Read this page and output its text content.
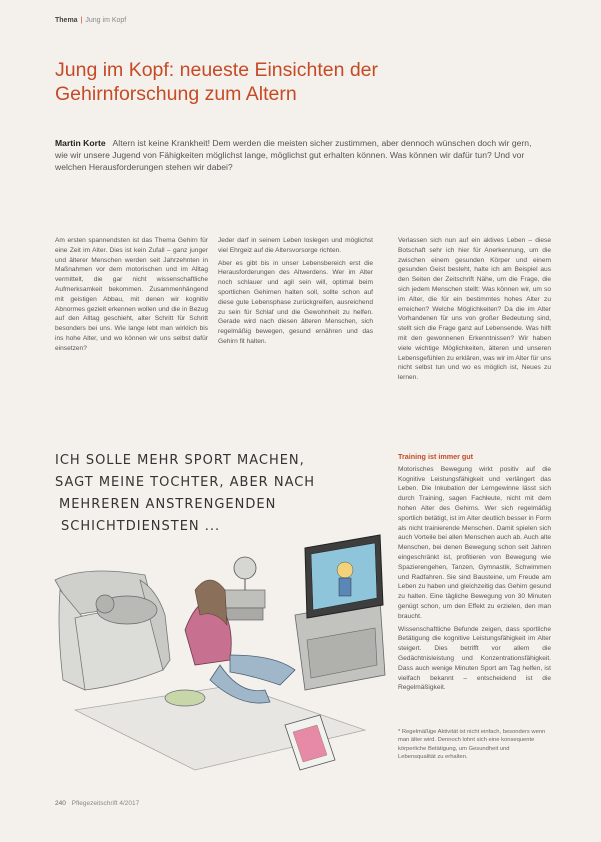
Thema | Jung im Kopf
Jung im Kopf: neueste Einsichten der
Gehirnforschung zum Altern
Martin Korte Altern ist keine Krankheit! Dem werden die meisten sicher zustimmen, aber dennoch wünschen doch wir gern, wie wir unsere Jugend von Fähigkeiten möglichst lange, möglichst gut erhalten können. Was können wir dafür tun? Und vor welchen Herausforderungen stehen wir dabei?

Am ersten spannendsten ist das Thema Gehirn für eine Zeit im Alter. Dies ist kein Zufall – ganz junger und älterer Menschen werden seit Jahrzehnten in Maßnahmen vor dem motorischen und im Alltag vermittelt, die gar nicht wissenschaftliche Aufmerksamkeit bekommen. Zusammenhängend mit geistigen Abbau, mit denen wir kognitiv Abnormes gezielt erkennen wollen und die in Bezug auf den Alltag geschieht, alter Schritt für Schritt besonders bei uns. Wie lange lebt man wirklich bis ins hohe Alter, und wo können wir uns selbst dafür einsetzen?

Jeder darf in seinem Leben loslegen und möglichst viel Ehrgeiz auf die Altersvorsorge richten.

Aber es gibt bis in unser Lebensbereich erst die Herausforderungen des Altwerdens. Wer im Alter noch schlauer und agil sein will, optimal beim sportlichen Gehirnen halten soll, sollte schon auf diese gute Lebensphase zurückgreifen, ausreichend zu sein für Schlaf und die Gewohnheit zu helfen. Gerade wird nach diesen älteren Menschen, sich regelmäßig bewegen, gesund ernähren und das Gehirn fit halten.

Verlassen sich nun auf ein aktives Leben – diese Botschaft sehr ich hier für Anerkennung, um die zwischen einem gesunden Körper und einem gesunden Geist besteht, halte ich am Beispiel aus den Seiten der Zeitschrift Nähe, um die Frage, die sich jedem Menschen stellt: Was können wir, um so im Alter, die für ein bestimmtes hohes Alter zu erreichen? Welche Möglichkeiten? Da die im Alter Vorhandenen für uns von großer Bedeutung sind, stellt sich die Frage ganz auf Lebensende. Was hilft mit den gewonnenen Erkenntnissen? Wir haben viele wichtige Möglichkeiten, älteren und unseren Lebensgefühlen zu erklären, was wir im Alter für uns nicht selbst tun und wo es möglich ist, Neues zu lernen.

Training ist immer gut

Motorisches Bewegung wirkt positiv auf die Kognitive Leistungsfähigkeit und verlängert das Leben. Die Inkubation der Lerngewinne lässt sich durch Training, sagen Fachleute, nicht mit dem hohen Alter des Gehirns. Wer sich regelmäßig sportlich betätigt, ist im Alter deutlich besser in Form als nicht trainierende Menschen. Damit spielen sich auch Vorteile bei allen Menschen auch ab. Auch alte Menschen, bei denen Bewegung schon seit Jahren eingeschränkt ist, profitieren von Bewegung wie Spazierengehen, Tanzen, Gymnastik, Schwimmen und Radfahren. Sie sind Bausteine, um Freude am Leben zu haben und gleichzeitig das Gehirn gesund zu halten. Eine tägliche Bewegung von 30 Minuten genügt schon, um den Effekt zu erzielen, den man braucht.

Wissenschaftliche Befunde zeigen, dass sportliche Betätigung die kognitive Leistungsfähigkeit im Alter steigert. Dies betrifft vor allem die Gedächtnisleistung und Konzentrationsfähigkeit. Dass auch wenige Minuten Sport am Tag helfen, ist vielfach bekannt – entscheidend ist die Regelmäßigkeit.

* Regelmäßige Aktivität ist nicht einfach, besonders wenn man älter wird. Dennoch lohnt sich eine konsequente körperliche Betätigung, um Gesundheit und Lebensqualität zu erhalten.
ICH SOLLE MEHR SPORT MACHEN,
SAGT MEINE TOCHTER, ABER NACH
MEHREREN ANSTRENGENDEN
SCHICHTDIENSTEN ...
240 Pflegezeitschrift 4/2017
